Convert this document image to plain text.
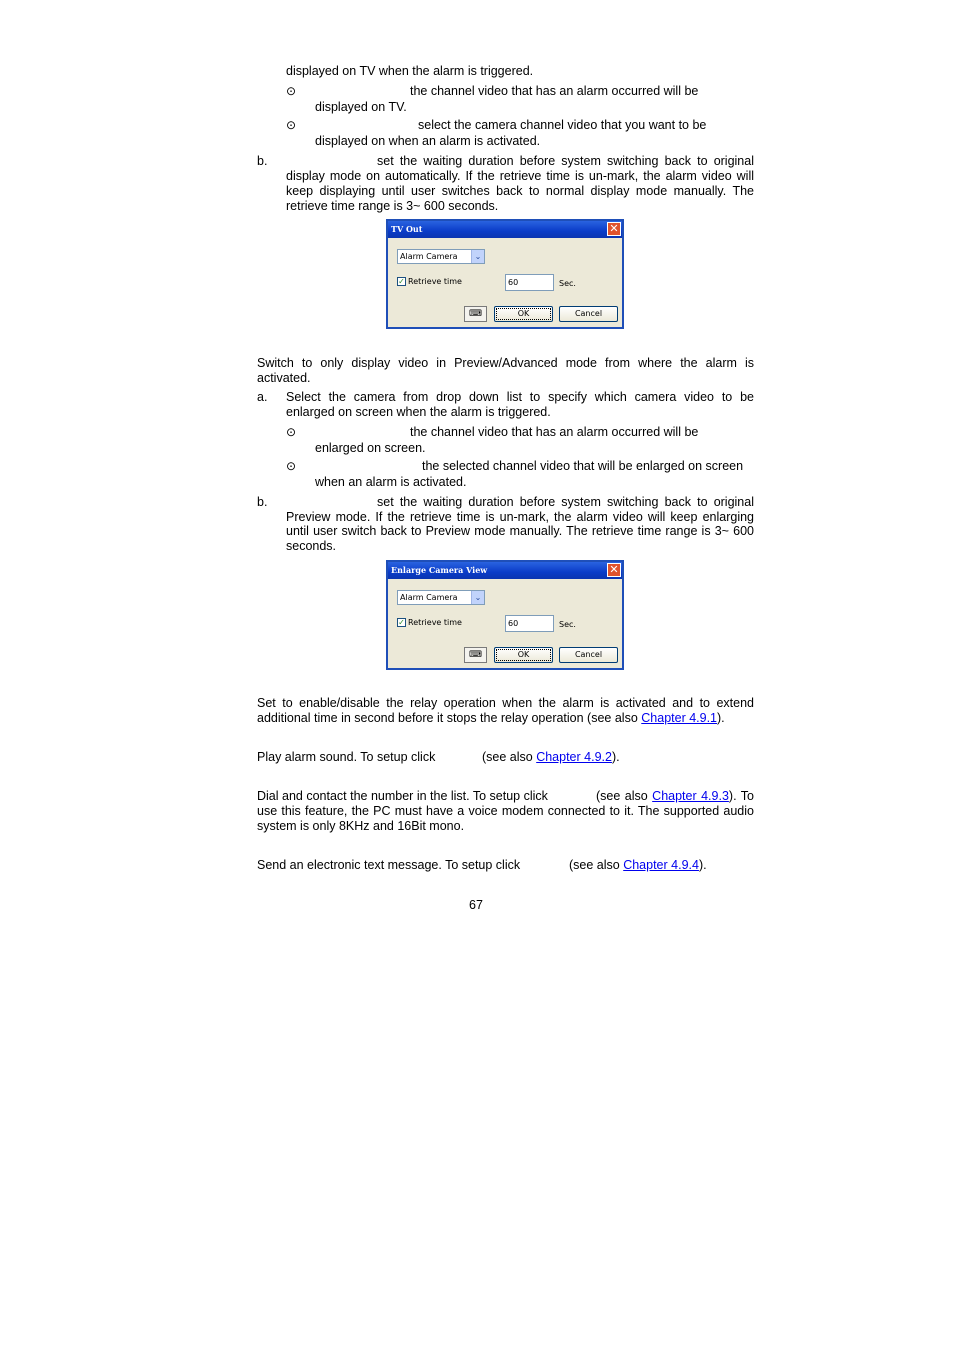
displayed on TV when the alarm is triggered.
⊙	the channel video that has an alarm occurred will be
displayed on TV.
⊙	select the camera channel video that you want to be
displayed on when an alarm is activated.
b.	set the waiting duration before system switching back to original
display mode on automatically. If the retrieve time is un-mark, the alarm video will
keep displaying until user switches back to normal display mode manually. The
retrieve time range is 3~ 600 seconds.
TV Out	✕
Alarm Camera	⌄
✓ Retrieve time	60	Sec.
⌨	OK	Cancel
Switch to only display video in Preview/Advanced mode from where the alarm is
activated.
a. Select the camera from drop down list to specify which camera video to be
enlarged on screen when the alarm is triggered.
⊙	the channel video that has an alarm occurred will be
enlarged on screen.
⊙	the selected channel video that will be enlarged on screen
when an alarm is activated.
b.	set the waiting duration before system switching back to original
Preview mode. If the retrieve time is un-mark, the alarm video will keep enlarging
until user switch back to Preview mode manually. The retrieve time range is 3~ 600
seconds.
Enlarge Camera View	✕
Alarm Camera	⌄
✓ Retrieve time	60	Sec.
⌨	OK	Cancel
Set to enable/disable the relay operation when the alarm is activated and to extend
additional time in second before it stops the relay operation (see also Chapter 4.9.1).
Play alarm sound. To setup click	(see also Chapter 4.9.2).
Dial and contact the number in the list. To setup click	(see also Chapter 4.9.3). To
use this feature, the PC must have a voice modem connected to it. The supported audio
system is only 8KHz and 16Bit mono.
Send an electronic text message. To setup click	(see also Chapter 4.9.4).
67
